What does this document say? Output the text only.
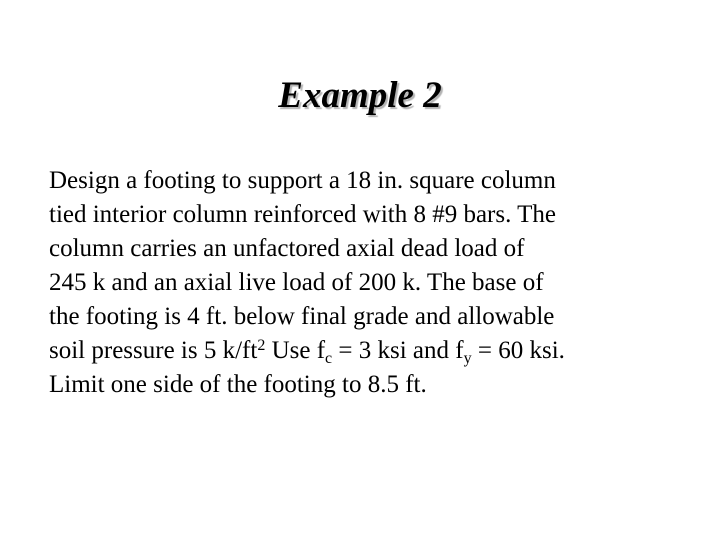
Example 2
Design a footing to support a 18 in. square column
tied interior column reinforced with 8 #9 bars. The
column carries an unfactored axial dead load of
245 k and an axial live load of 200 k. The base of
the footing is 4 ft. below final grade and allowable
soil pressure is 5 $k/ft^2$ Use $f_c = 3$ ksi and $f_y = 60$ ksi.
Limit one side of the footing to 8.5 ft.
